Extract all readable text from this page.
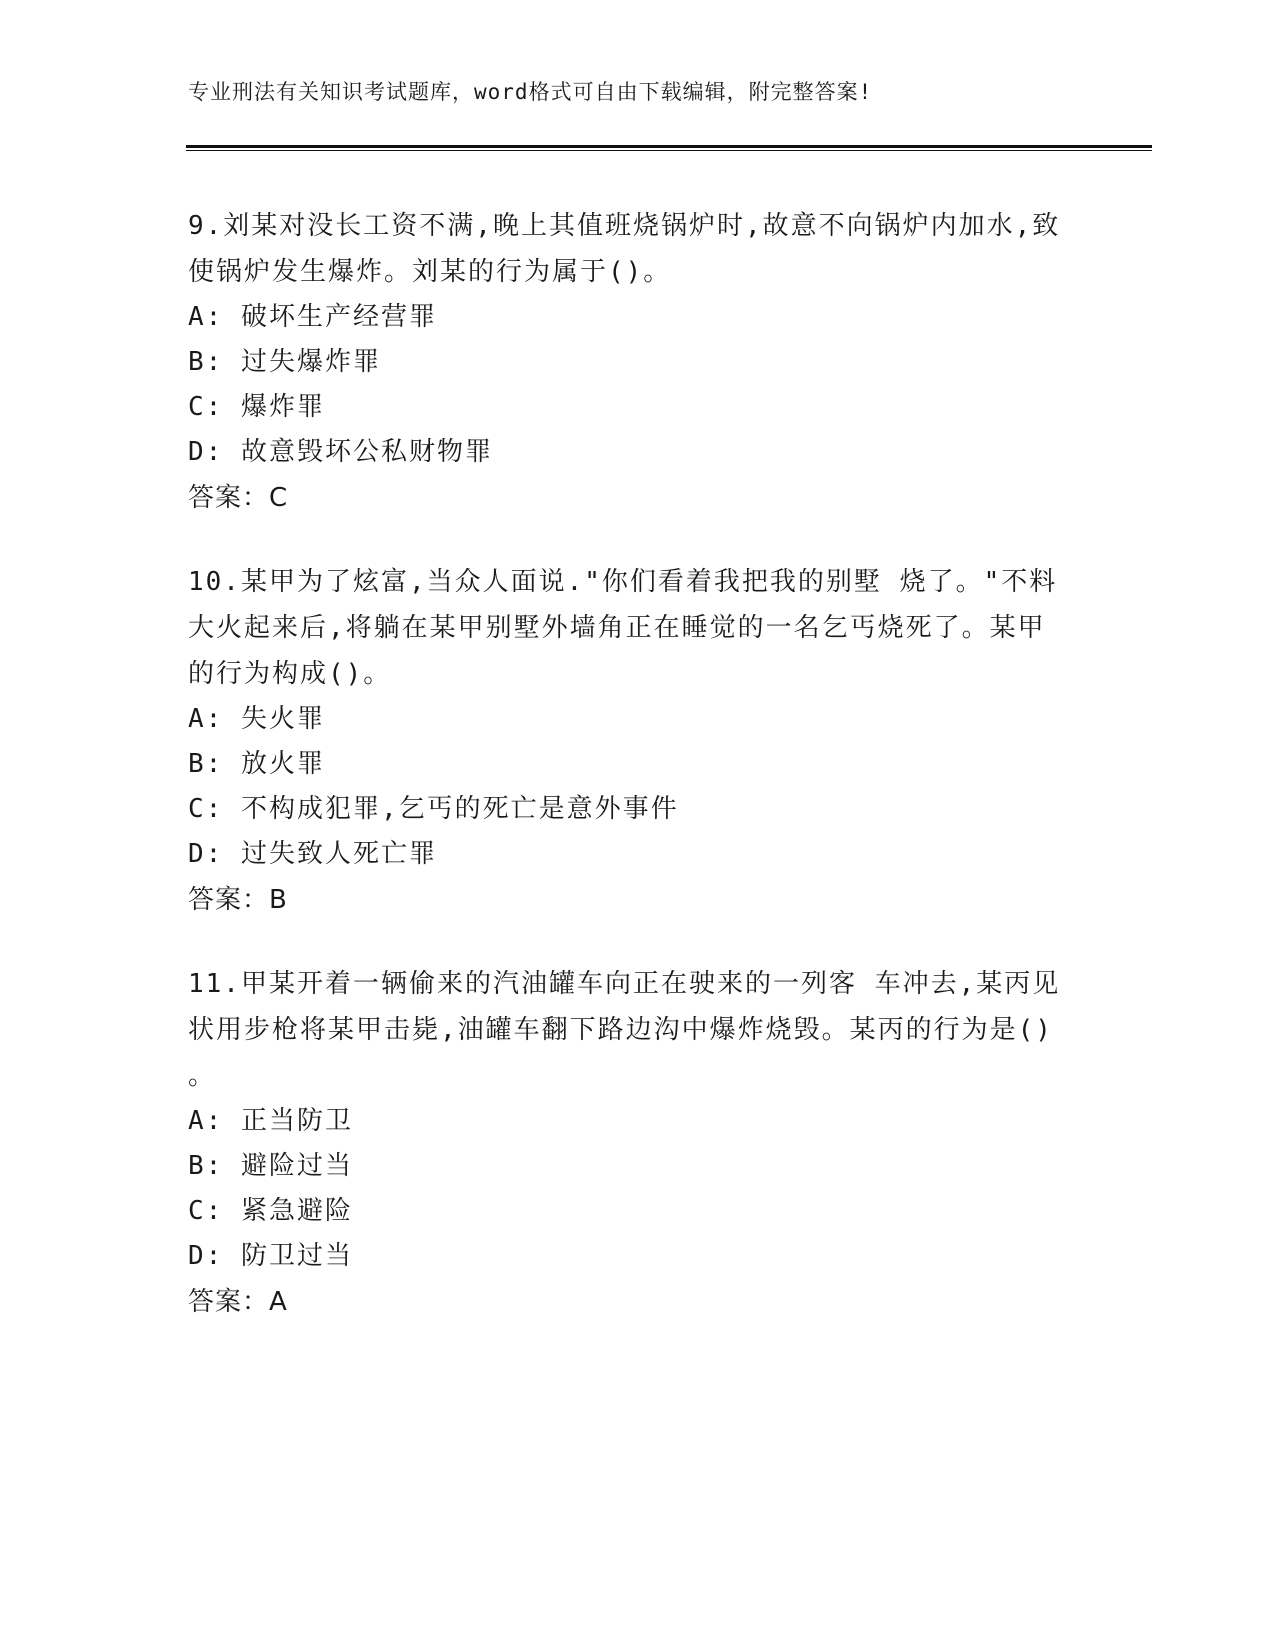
专业刑法有关知识考试题库，word格式可自由下载编辑，附完整答案!
9.刘某对没长工资不满,晚上其值班烧锅炉时,故意不向锅炉内加水,致
使锅炉发生爆炸。刘某的行为属于()。
A: 破坏生产经营罪
B: 过失爆炸罪
C: 爆炸罪
D: 故意毁坏公私财物罪
答案：C
10.某甲为了炫富,当众人面说."你们看着我把我的别墅 烧了。"不料
大火起来后,将躺在某甲别墅外墙角正在睡觉的一名乞丐烧死了。某甲
的行为构成()。
A: 失火罪
B: 放火罪
C: 不构成犯罪,乞丐的死亡是意外事件
D: 过失致人死亡罪
答案：B
11.甲某开着一辆偷来的汽油罐车向正在驶来的一列客 车冲去,某丙见
状用步枪将某甲击毙,油罐车翻下路边沟中爆炸烧毁。某丙的行为是()
。
A: 正当防卫
B: 避险过当
C: 紧急避险
D: 防卫过当
答案：A
